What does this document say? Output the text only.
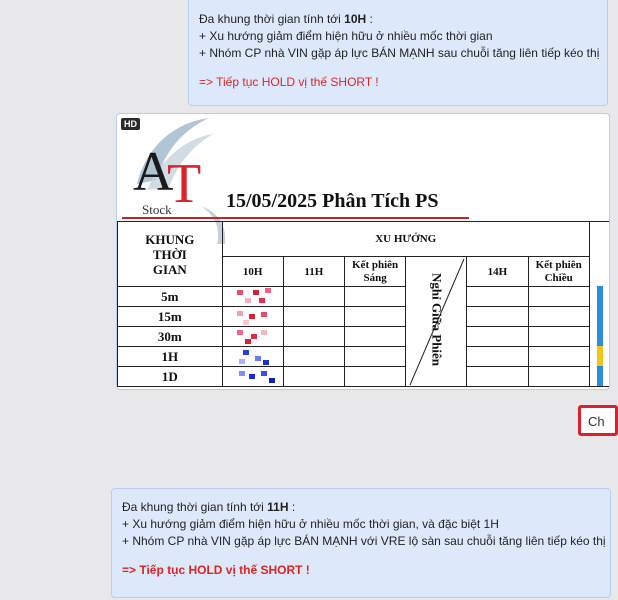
Đa khung thời gian tính tới 10H :
+ Xu hướng giảm điểm hiện hữu ở nhiều mốc thời gian
+ Nhóm CP nhà VIN gặp áp lực BÁN MẠNH sau chuỗi tăng liên tiếp kéo thị
=> Tiếp tục HOLD vị thế SHORT !
HD
A
T
Stock	15/05/2025 Phân Tích PS
KHUNG THỜI GIAN	XU HƯỚNG						
	10H	11H	Kết phiên Sáng	Nghỉ Giữa Phiên	14H	Kết phiên Chiều	
5m			

15m			

30m			

1H			

1D			

Ch
Đa khung thời gian tính tới 11H :
+ Xu hướng giảm điểm hiện hữu ở nhiều mốc thời gian, và đặc biệt 1H
+ Nhóm CP nhà VIN gặp áp lực BÁN MẠNH với VRE lộ sàn sau chuỗi tăng liên tiếp kéo thị
=> Tiếp tục HOLD vị thế SHORT !
